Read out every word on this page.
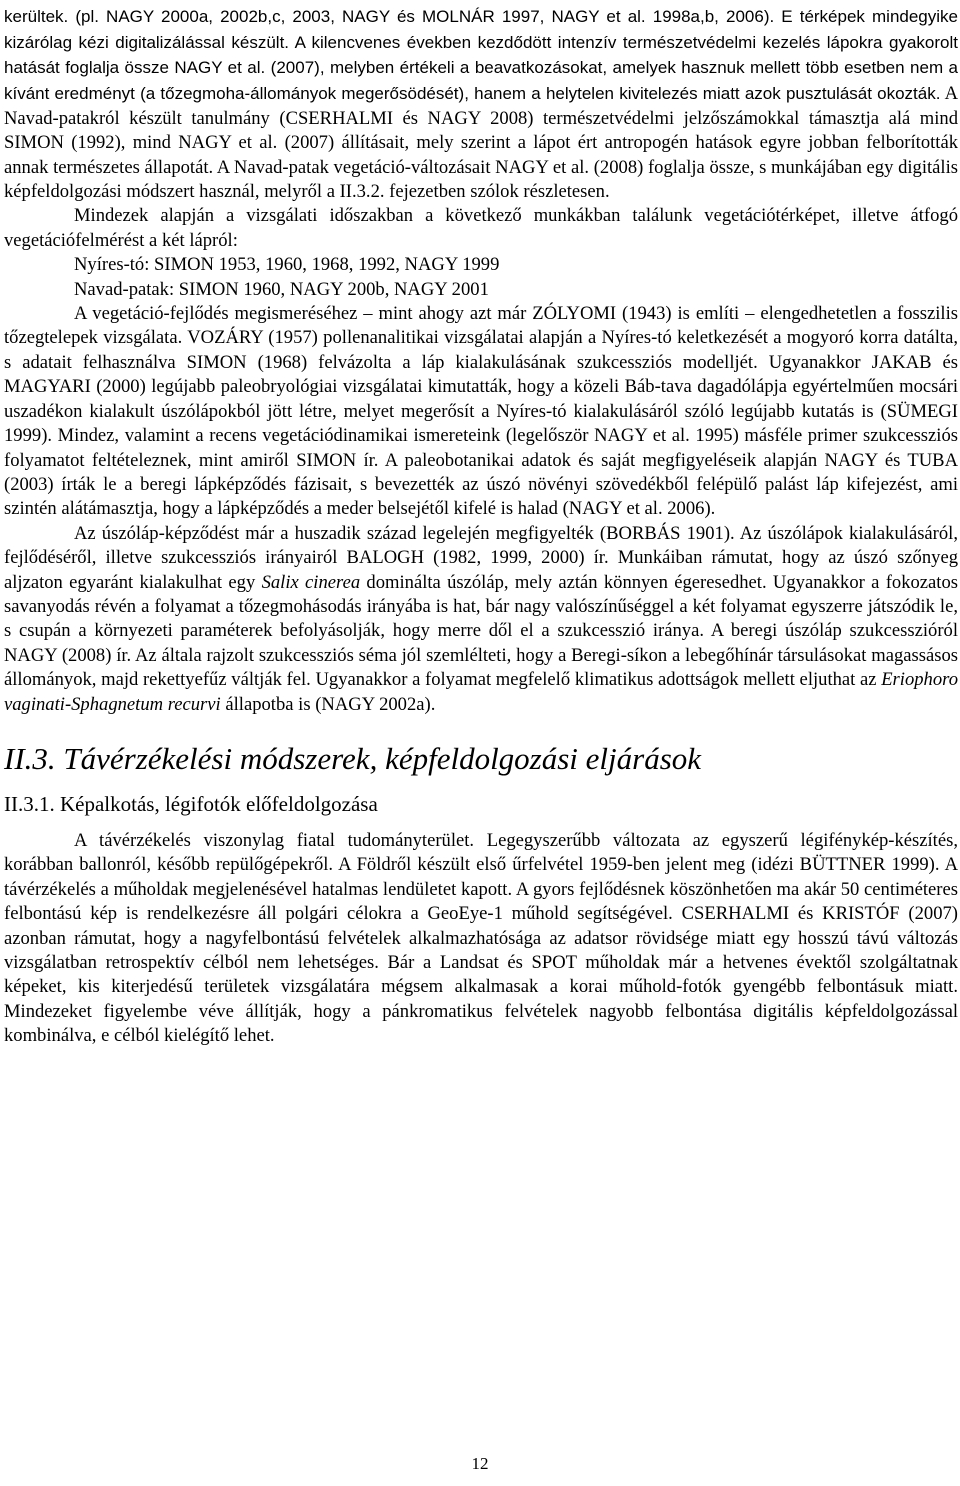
kerültek. (pl. NAGY 2000a, 2002b,c, 2003, NAGY és MOLNÁR 1997, NAGY et al. 1998a,b, 2006). E térképek mindegyike kizárólag kézi digitalizálással készült. A kilencvenes években kezdődött intenzív természetvédelmi kezelés lápokra gyakorolt hatását foglalja össze NAGY et al. (2007), melyben értékeli a beavatkozásokat, amelyek hasznuk mellett több esetben nem a kívánt eredményt (a tőzegmoha-állományok megerősödését), hanem a helytelen kivitelezés miatt azok pusztulását okozták. A Navad-patakról készült tanulmány (CSERHALMI és NAGY 2008) természetvédelmi jelzőszámokkal támasztja alá mind SIMON (1992), mind NAGY et al. (2007) állításait, mely szerint a lápot ért antropogén hatások egyre jobban felborították annak természetes állapotát. A Navad-patak vegetáció-változásait NAGY et al. (2008) foglalja össze, s munkájában egy digitális képfeldolgozási módszert használ, melyről a II.3.2. fejezetben szólok részletesen.

Mindezek alapján a vizsgálati időszakban a következő munkákban találunk vegetációtérképet, illetve átfogó vegetációfelmérést a két lápról:

Nyíres-tó: SIMON 1953, 1960, 1968, 1992, NAGY 1999

Navad-patak: SIMON 1960, NAGY 200b, NAGY 2001

A vegetáció-fejlődés megismeréséhez – mint ahogy azt már ZÓLYOMI (1943) is említi – elengedhetetlen a fosszilis tőzegtelepek vizsgálata. VOZÁRY (1957) pollenanalitikai vizsgálatai alapján a Nyíres-tó keletkezését a mogyoró korra datálta, s adatait felhasználva SIMON (1968) felvázolta a láp kialakulásának szukcessziós modelljét. Ugyanakkor JAKAB és MAGYARI (2000) legújabb paleobryológiai vizsgálatai kimutatták, hogy a közeli Báb-tava dagadólápja egyértelműen mocsári uszadékon kialakult úszólápokból jött létre, melyet megerősít a Nyíres-tó kialakulásáról szóló legújabb kutatás is (SÜMEGI 1999). Mindez, valamint a recens vegetációdinamikai ismereteink (legelőször NAGY et al. 1995) másféle primer szukcessziós folyamatot feltételeznek, mint amiről SIMON ír. A paleobotanikai adatok és saját megfigyeléseik alapján NAGY és TUBA (2003) írták le a beregi lápképződés fázisait, s bevezették az úszó növényi szövedékből felépülő palást láp kifejezést, ami szintén alátámasztja, hogy a lápképződés a meder belsejétől kifelé is halad (NAGY et al. 2006).

Az úszóláp-képződést már a huszadik század legelején megfigyelték (BORBÁS 1901). Az úszólápok kialakulásáról, fejlődéséről, illetve szukcessziós irányairól BALOGH (1982, 1999, 2000) ír. Munkáiban rámutat, hogy az úszó szőnyeg aljzaton egyaránt kialakulhat egy Salix cinerea dominálta úszóláp, mely aztán könnyen égeresedhet. Ugyanakkor a fokozatos savanyodás révén a folyamat a tőzegmohásodás irányába is hat, bár nagy valószínűséggel a két folyamat egyszerre játszódik le, s csupán a környezeti paraméterek befolyásolják, hogy merre dől el a szukcesszió iránya. A beregi úszóláp szukcesszióról NAGY (2008) ír. Az általa rajzolt szukcessziós séma jól szemlélteti, hogy a Beregi-síkon a lebegőhínár társulásokat magassásos állományok, majd rekettyefűz váltják fel. Ugyanakkor a folyamat megfelelő klimatikus adottságok mellett eljuthat az Eriophoro vaginati-Sphagnetum recurvi állapotba is (NAGY 2002a).

II.3. Távérzékelési módszerek, képfeldolgozási eljárások
II.3.1. Képalkotás, légifotók előfeldolgozása

A távérzékelés viszonylag fiatal tudományterület. Legegyszerűbb változata az egyszerű légifénykép-készítés, korábban ballonról, később repülőgépekről. A Földről készült első űrfelvétel 1959-ben jelent meg (idézi BÜTTNER 1999). A távérzékelés a műholdak megjelenésével hatalmas lendületet kapott. A gyors fejlődésnek köszönhetően ma akár 50 centiméteres felbontású kép is rendelkezésre áll polgári célokra a GeoEye-1 műhold segítségével. CSERHALMI és KRISTÓF (2007) azonban rámutat, hogy a nagyfelbontású felvételek alkalmazhatósága az adatsor rövidsége miatt egy hosszú távú változás vizsgálatban retrospektív célból nem lehetséges. Bár a Landsat és SPOT műholdak már a hetvenes évektől szolgáltatnak képeket, kis kiterjedésű területek vizsgálatára mégsem alkalmasak a korai műhold-fotók gyengébb felbontásuk miatt. Mindezeket figyelembe véve állítják, hogy a pánkromatikus felvételek nagyobb felbontása digitális képfeldolgozással kombinálva, e célból kielégítő lehet.

12
